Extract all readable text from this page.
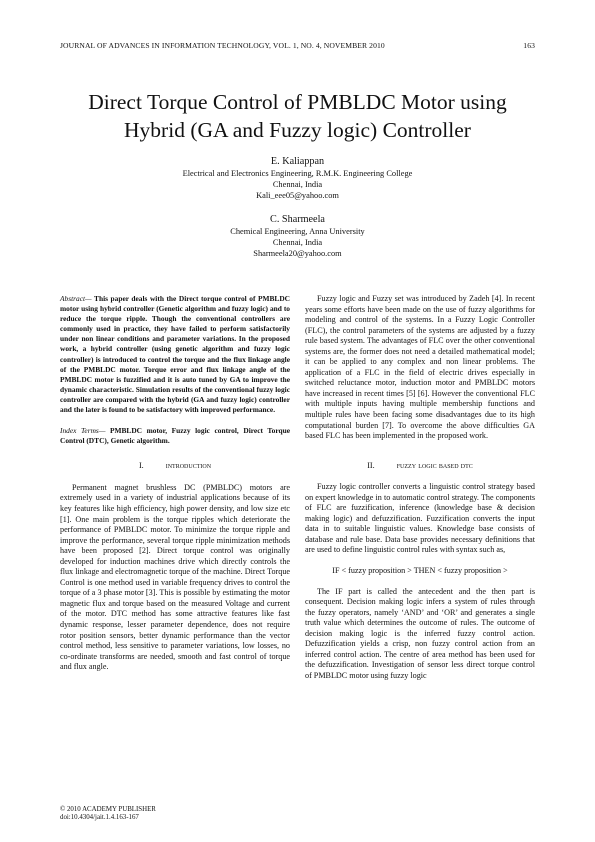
JOURNAL OF ADVANCES IN INFORMATION TECHNOLOGY, VOL. 1, NO. 4, NOVEMBER 2010	163
Direct Torque Control of PMBLDC Motor using
Hybrid (GA and Fuzzy logic) Controller
E. Kaliappan
Electrical and Electronics Engineering, R.M.K. Engineering College
Chennai, India
Kali_eee05@yahoo.com
C. Sharmeela
Chemical Engineering, Anna University
Chennai, India
Sharmeela20@yahoo.com

Abstract— This paper deals with the Direct torque control of PMBLDC motor using hybrid controller (Genetic algorithm and fuzzy logic) and to reduce the torque ripple. Though the conventional controllers are commonly used in practice, they have failed to perform satisfactorily under non linear conditions and parameter variations. In the proposed work, a hybrid controller (using genetic algorithm and fuzzy logic controller) is introduced to control the torque and the flux linkage angle of the PMBLDC motor. Torque error and flux linkage angle of the PMBLDC motor is fuzzified and it is auto tuned by GA to improve the dynamic characteristic. Simulation results of the conventional fuzzy logic controller are compared with the hybrid (GA and fuzzy logic) controller and the later is found to be satisfactory with improved performance.

Index Terms— PMBLDC motor, Fuzzy logic control, Direct Torque Control (DTC), Genetic algorithm.

I. introduction

Permanent magnet brushless DC (PMBLDC) motors are extremely used in a variety of industrial applications because of its key features like high efficiency, high power density, and low size etc [1]. One main problem is the torque ripples which deteriorate the performance of PMBLDC motor. To minimize the torque ripple and improve the performance, several torque ripple minimization methods have been proposed [2]. Direct torque control was originally developed for induction machines drive which directly controls the flux linkage and electromagnetic torque of the machine. Direct Torque Control is one method used in variable frequency drives to control the torque of a 3 phase motor [3]. This is possible by estimating the motor magnetic flux and torque based on the measured Voltage and current of the motor. DTC method has some attractive features like fast dynamic response, lesser parameter dependence, does not require rotor position sensors, better dynamic performance than the vector control method, less sensitive to parameter variations, low losses, no co-ordinate transforms are needed, smooth and fast control of torque and flux angle.

Fuzzy logic and Fuzzy set was introduced by Zadeh [4]. In recent years some efforts have been made on the use of fuzzy algorithms for modeling and control of the systems. In a Fuzzy Logic Controller (FLC), the control parameters of the systems are adjusted by a fuzzy rule based system. The advantages of FLC over the other conventional systems are, the former does not need a detailed mathematical model; it can be applied to any complex and non linear problems. The application of a FLC in the field of electric drives especially in switched reluctance motor, induction motor and PMBLDC motors have increased in recent times [5] [6]. However the conventional FLC with multiple inputs having multiple membership functions and multiple rules have been facing some disadvantages due to its high computational burden [7]. To overcome the above difficulties GA based FLC has been implemented in the proposed work.

II. fuzzy logic based dtc

Fuzzy logic controller converts a linguistic control strategy based on expert knowledge in to automatic control strategy. The components of FLC are fuzzification, inference (knowledge base & decision making logic) and defuzzification. Fuzzification converts the input data in to suitable linguistic values. Knowledge base consists of database and rule base. Data base provides necessary definitions that are used to define linguistic control rules with syntax such as,

IF < fuzzy proposition > THEN < fuzzy proposition >

The IF part is called the antecedent and the then part is consequent. Decision making logic infers a system of rules through the fuzzy operators, namely ‘AND’ and ‘OR’ and generates a single truth value which determines the outcome of rules. The outcome of decision making logic is the inferred fuzzy control action. Defuzzification yields a crisp, non fuzzy control action from an inferred control action. The centre of area method has been used for the defuzzification. Investigation of sensor less direct torque control of PMBLDC motor using fuzzy logic

© 2010 ACADEMY PUBLISHER
doi:10.4304/jait.1.4.163-167
